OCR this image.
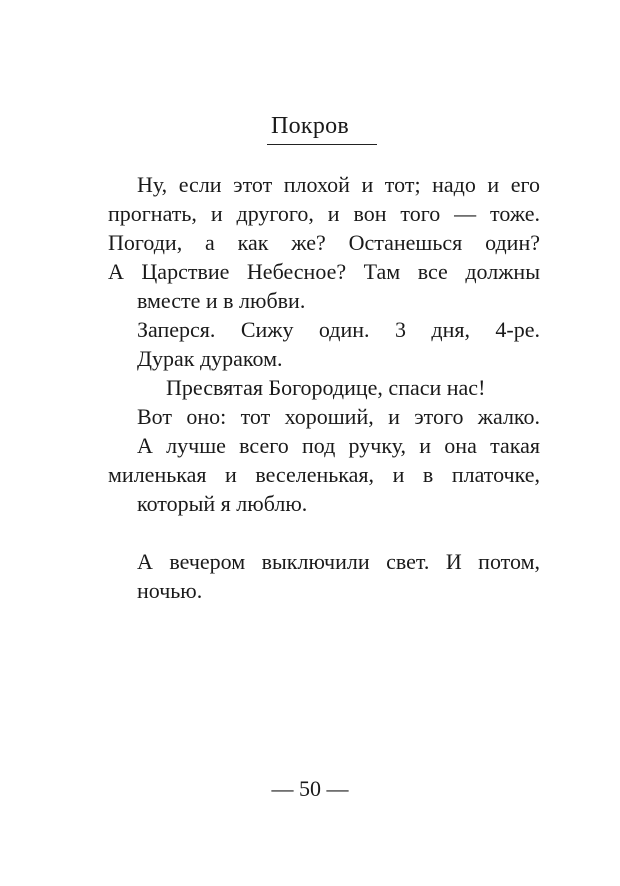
Покров
Ну, если этот плохой и тот; надо и его
прогнать, и другого, и вон того — тоже.
Погоди, а как же? Останешься один?
А Царствие Небесное? Там все должны
вместе и в любви.
Заперся. Сижу один. 3 дня, 4-ре.
Дурак дураком.
Пресвятая Богородице, спаси нас!
Вот оно: тот хороший, и этого жалко.
А лучше всего под ручку, и она такая
миленькая и веселенькая, и в платочке,
который я люблю.
А вечером выключили свет. И потом,
ночью.
— 50 —
